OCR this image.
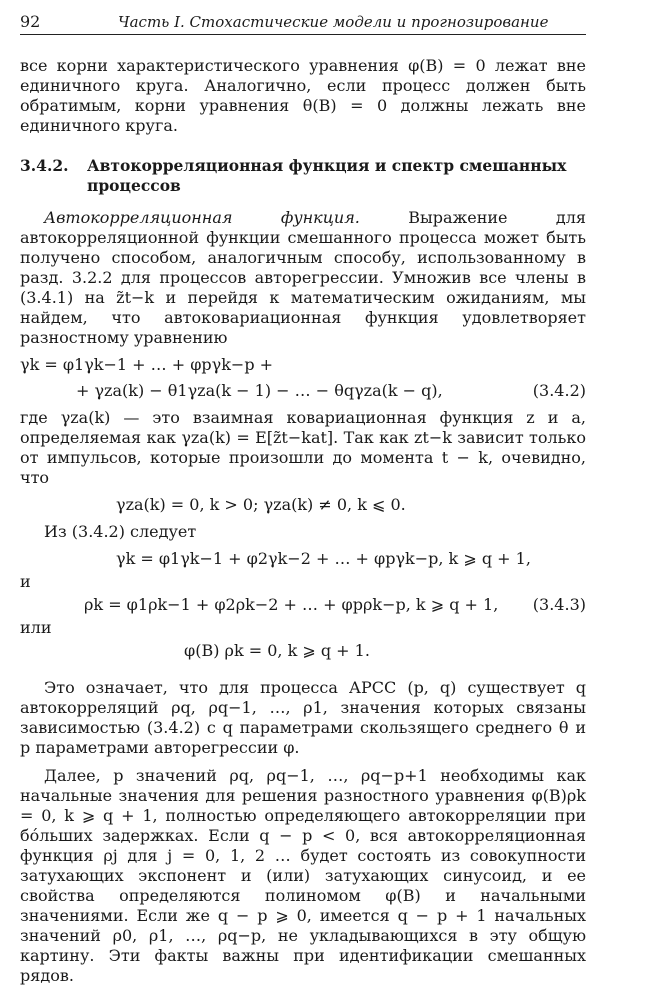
92	Часть I. Стохастические модели и прогнозирование

все корни характеристического уравнения φ(B) = 0 лежат вне единичного круга. Аналогично, если процесс должен быть обратимым, корни уравнения θ(B) = 0 должны лежать вне единичного круга.

3.4.2. Автокорреляционная функция и спектр смешанных
процессов

Автокорреляционная функция. Выражение для автокорреляционной функции смешанного процесса может быть получено способом, аналогичным способу, использованному в разд. 3.2.2 для процессов авторегрессии. Умножив все члены в (3.4.1) на z̃t−k и перейдя к математическим ожиданиям, мы найдем, что автоковариационная функция удовлетворяет разностному уравнению

γk = φ1γk−1 + … + φpγk−p +
+ γza(k) − θ1γza(k − 1) − … − θqγza(k − q),	(3.4.2)

где γza(k) — это взаимная ковариационная функция z и a, определяемая как γza(k) = E[z̃t−kat]. Так как zt−k зависит только от импульсов, которые произошли до момента t − k, очевидно, что

γza(k) = 0, k > 0; γza(k) ≠ 0, k ⩽ 0.

Из (3.4.2) следует

γk = φ1γk−1 + φ2γk−2 + … + φpγk−p, k ⩾ q + 1,

и

ρk = φ1ρk−1 + φ2ρk−2 + … + φpρk−p, k ⩾ q + 1, (3.4.3)

или

φ(B) ρk = 0, k ⩾ q + 1.

Это означает, что для процесса АРСС (p, q) существует q автокорреляций ρq, ρq−1, …, ρ1, значения которых связаны зависимостью (3.4.2) с q параметрами скользящего среднего θ и p параметрами авторегрессии φ.

Далее, p значений ρq, ρq−1, …, ρq−p+1 необходимы как начальные значения для решения разностного уравнения φ(B)ρk = 0, k ⩾ q + 1, полностью определяющего автокорреляции при бóльших задержках. Если q − p < 0, вся автокорреляционная функция ρj для j = 0, 1, 2 … будет состоять из совокупности затухающих экспонент и (или) затухающих синусоид, и ее свойства определяются полиномом φ(B) и начальными значениями. Если же q − p ⩾ 0, имеется q − p + 1 начальных значений ρ0, ρ1, …, ρq−p, не укладывающихся в эту общую картину. Эти факты важны при идентификации смешанных рядов.
